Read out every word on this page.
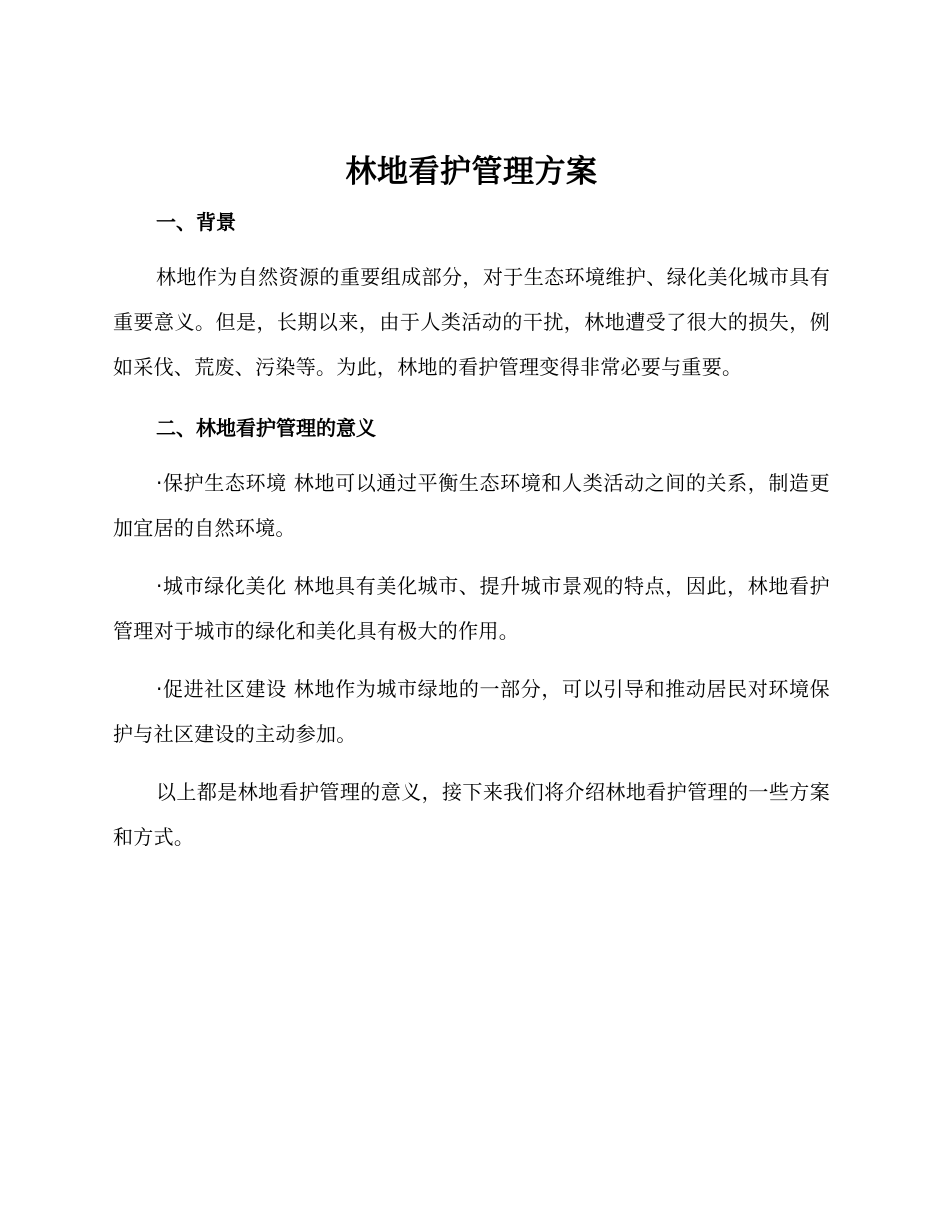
林地看护管理方案
一、背景

林地作为自然资源的重要组成部分，对于生态环境维护、绿化美化城市具有重要意义。但是，长期以来，由于人类活动的干扰，林地遭受了很大的损失，例如采伐、荒废、污染等。为此，林地的看护管理变得非常必要与重要。

二、林地看护管理的意义

·保护生态环境 林地可以通过平衡生态环境和人类活动之间的关系，制造更加宜居的自然环境。

·城市绿化美化 林地具有美化城市、提升城市景观的特点，因此，林地看护管理对于城市的绿化和美化具有极大的作用。

·促进社区建设 林地作为城市绿地的一部分，可以引导和推动居民对环境保护与社区建设的主动参加。

以上都是林地看护管理的意义，接下来我们将介绍林地看护管理的一些方案和方式。
